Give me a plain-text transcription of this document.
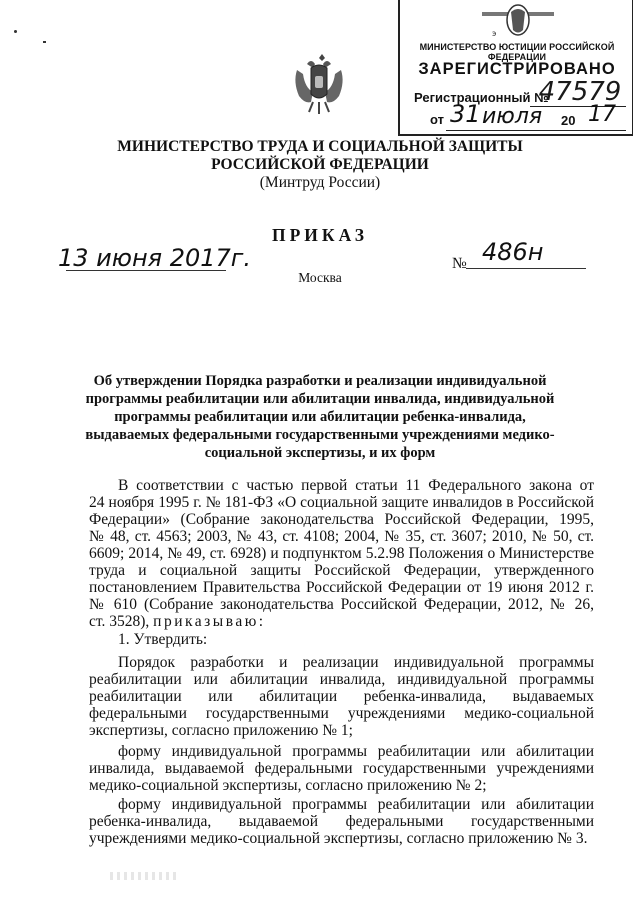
э
МИНИСТЕРСТВО ЮСТИЦИИ РОССИЙСКОЙ ФЕДЕРАЦИИ
ЗАРЕГИСТРИРОВАНО
Регистрационный №
47579
от 31 июля 20 17
МИНИСТЕРСТВО ТРУДА И СОЦИАЛЬНОЙ ЗАЩИТЫ
РОССИЙСКОЙ ФЕДЕРАЦИИ
(Минтруд России)
ПРИКАЗ
13 июня 2017г.	№ 486н
Москва
Об утверждении Порядка разработки и реализации индивидуальной
программы реабилитации или абилитации инвалида, индивидуальной
программы реабилитации или абилитации ребенка-инвалида,
выдаваемых федеральными государственными учреждениями медико-
социальной экспертизы, и их форм
В соответствии с частью первой статьи 11 Федерального закона от
24 ноября 1995 г. № 181-ФЗ «О социальной защите инвалидов в Российской
Федерации» (Собрание законодательства Российской Федерации, 1995,
№ 48, ст. 4563; 2003, № 43, ст. 4108; 2004, № 35, ст. 3607; 2010, № 50, ст.
6609; 2014, № 49, ст. 6928) и подпунктом 5.2.98 Положения о Министерстве
труда и социальной защиты Российской Федерации, утвержденного
постановлением Правительства Российской Федерации от 19 июня 2012 г.
№ 610 (Собрание законодательства Российской Федерации, 2012, № 26,
ст. 3528), приказываю:
1. Утвердить:
Порядок разработки и реализации индивидуальной программы
реабилитации или абилитации инвалида, индивидуальной программы
реабилитации или абилитации ребенка-инвалида, выдаваемых
федеральными государственными учреждениями медико-социальной
экспертизы, согласно приложению № 1;
форму индивидуальной программы реабилитации или абилитации
инвалида, выдаваемой федеральными государственными учреждениями
медико-социальной экспертизы, согласно приложению № 2;
форму индивидуальной программы реабилитации или абилитации
ребенка-инвалида, выдаваемой федеральными государственными
учреждениями медико-социальной экспертизы, согласно приложению № 3.
